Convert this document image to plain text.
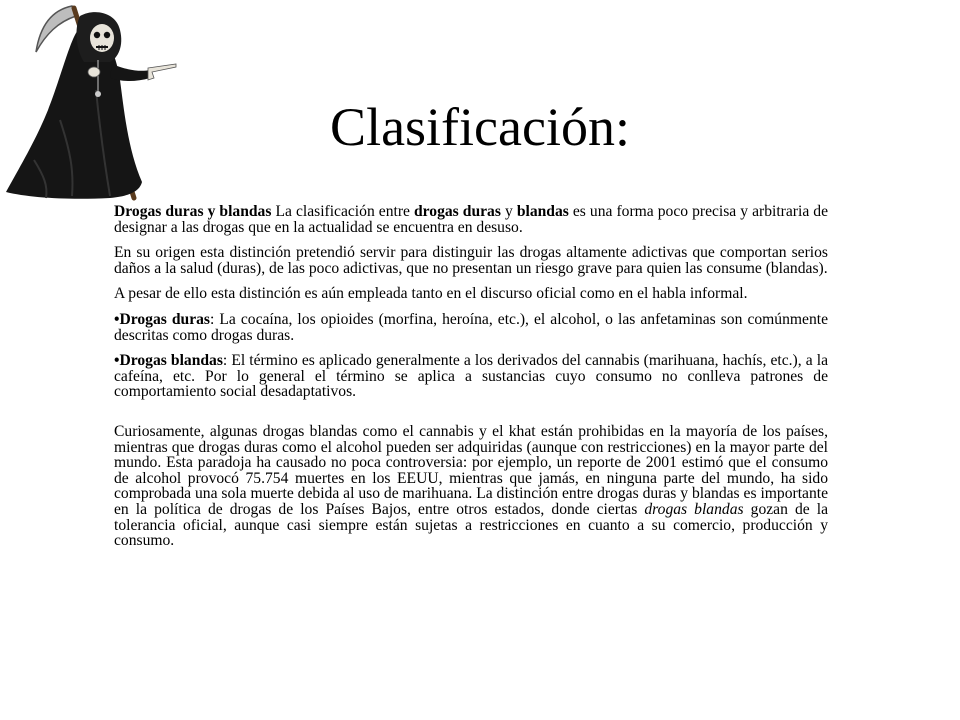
Clasificación:

Drogas duras y blandas La clasificación entre drogas duras y blandas es una forma poco precisa y arbitraria de designar a las drogas que en la actualidad se encuentra en desuso.

En su origen esta distinción pretendió servir para distinguir las drogas altamente adictivas que comportan serios daños a la salud (duras), de las poco adictivas, que no presentan un riesgo grave para quien las consume (blandas).

A pesar de ello esta distinción es aún empleada tanto en el discurso oficial como en el habla informal.

•Drogas duras: La cocaína, los opioides (morfina, heroína, etc.), el alcohol, o las anfetaminas son comúnmente descritas como drogas duras.

•Drogas blandas: El término es aplicado generalmente a los derivados del cannabis (marihuana, hachís, etc.), a la cafeína, etc. Por lo general el término se aplica a sustancias cuyo consumo no conlleva patrones de comportamiento social desadaptativos.

Curiosamente, algunas drogas blandas como el cannabis y el khat están prohibidas en la mayoría de los países, mientras que drogas duras como el alcohol pueden ser adquiridas (aunque con restricciones) en la mayor parte del mundo. Esta paradoja ha causado no poca controversia: por ejemplo, un reporte de 2001 estimó que el consumo de alcohol provocó 75.754 muertes en los EEUU, mientras que jamás, en ninguna parte del mundo, ha sido comprobada una sola muerte debida al uso de marihuana. La distinción entre drogas duras y blandas es importante en la política de drogas de los Países Bajos, entre otros estados, donde ciertas drogas blandas gozan de la tolerancia oficial, aunque casi siempre están sujetas a restricciones en cuanto a su comercio, producción y consumo.
